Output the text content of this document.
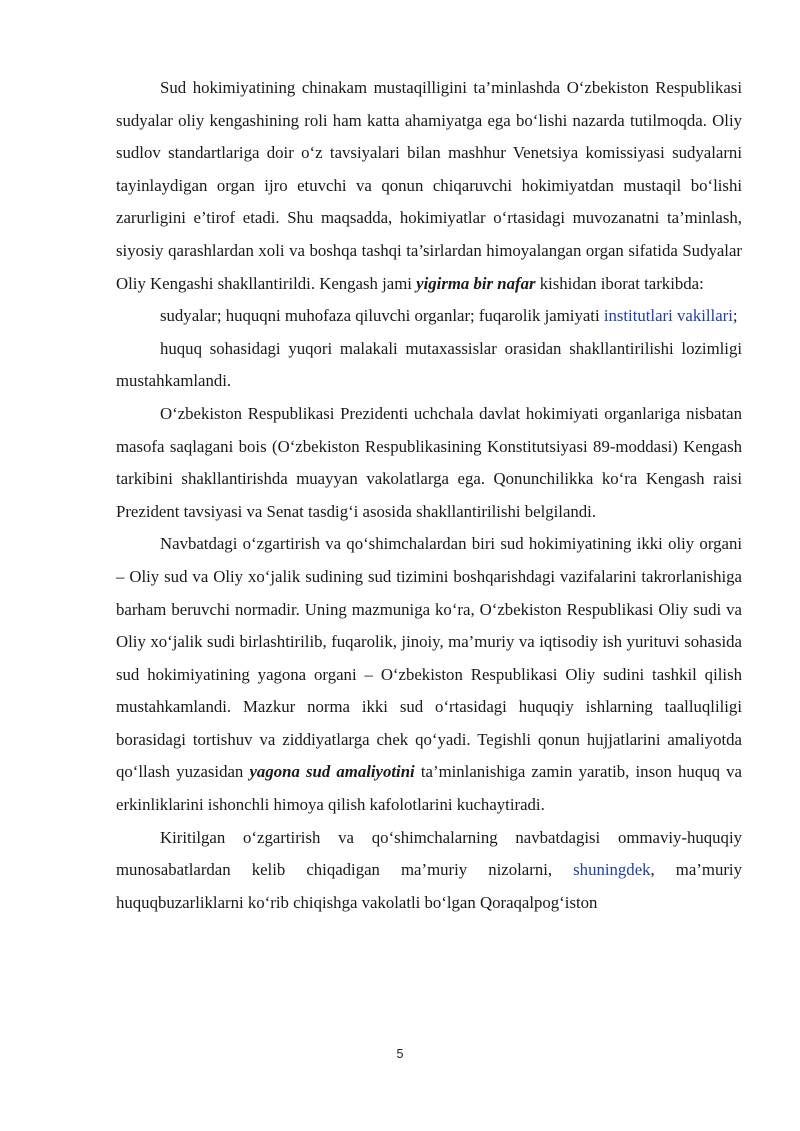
Sud hokimiyatining chinakam mustaqilligini ta’minlashda O‘zbekiston Respublikasi sudyalar oliy kengashining roli ham katta ahamiyatga ega bo‘lishi nazarda tutilmoqda. Oliy sudlov standartlariga doir o‘z tavsiyalari bilan mashhur Venetsiya komissiyasi sudyalarni tayinlaydigan organ ijro etuvchi va qonun chiqaruvchi hokimiyatdan mustaqil bo‘lishi zarurligini e’tirof etadi. Shu maqsadda, hokimiyatlar o‘rtasidagi muvozanatni ta’minlash, siyosiy qarashlardan xoli va boshqa tashqi ta’sirlardan himoyalangan organ sifatida Sudyalar Oliy Kengashi shakllantirildi. Kengash jami yigirma bir nafar kishidan iborat tarkibda:

sudyalar; huquqni muhofaza qiluvchi organlar; fuqarolik jamiyati institutlari vakillari;

huquq sohasidagi yuqori malakali mutaxassislar orasidan shakllantirilishi lozimligi mustahkamlandi.

O‘zbekiston Respublikasi Prezidenti uchchala davlat hokimiyati organlariga nisbatan masofa saqlagani bois (O‘zbekiston Respublikasining Konstitutsiyasi 89-moddasi) Kengash tarkibini shakllantirishda muayyan vakolatlarga ega. Qonunchilikka ko‘ra Kengash raisi Prezident tavsiyasi va Senat tasdig‘i asosida shakllantirilishi belgilandi.

Navbatdagi o‘zgartirish va qo‘shimchalardan biri sud hokimiyatining ikki oliy organi – Oliy sud va Oliy xo‘jalik sudining sud tizimini boshqarishdagi vazifalarini takrorlanishiga barham beruvchi normadir. Uning mazmuniga ko‘ra, O‘zbekiston Respublikasi Oliy sudi va Oliy xo‘jalik sudi birlashtirilib, fuqarolik, jinoiy, ma’muriy va iqtisodiy ish yurituvi sohasida sud hokimiyatining yagona organi – O‘zbekiston Respublikasi Oliy sudini tashkil qilish mustahkamlandi. Mazkur norma ikki sud o‘rtasidagi huquqiy ishlarning taalluqliligi borasidagi tortishuv va ziddiyatlarga chek qo‘yadi. Tegishli qonun hujjatlarini amaliyotda qo‘llash yuzasidan yagona sud amaliyotini ta’minlanishiga zamin yaratib, inson huquq va erkinliklarini ishonchli himoya qilish kafolotlarini kuchaytiradi.

Kiritilgan o‘zgartirish va qo‘shimchalarning navbatdagisi ommaviy-huquqiy munosabatlardan kelib chiqadigan ma’muriy nizolarni, shuningdek, ma’muriy huquqbuzarliklarni ko‘rib chiqishga vakolatli bo‘lgan Qoraqalpog‘iston

5
